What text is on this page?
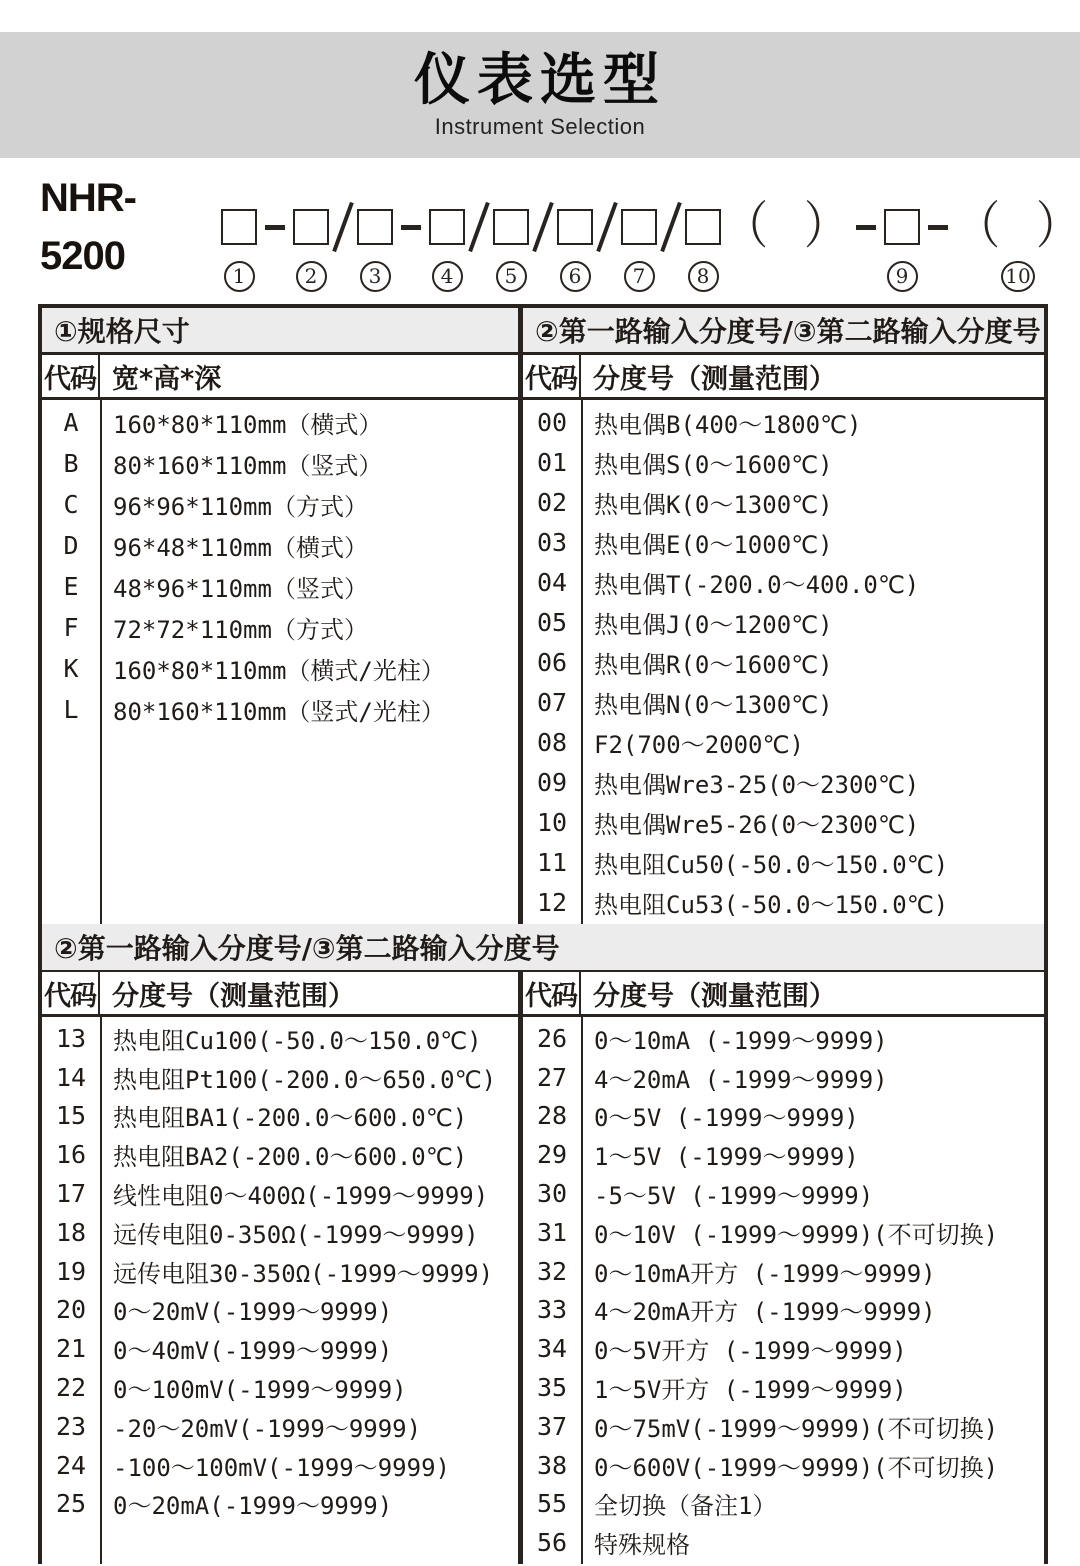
仪表选型
Instrument Selection
NHR-5200	1	2	3	4	5	6	7	8
（ ）
9
（ ）
10
①规格尺寸
代码 宽*高*深
A	160*80*110mm（横式）
B	80*160*110mm（竖式）
C	96*96*110mm（方式）
D	96*48*110mm（横式）
E	48*96*110mm（竖式）
F	72*72*110mm（方式）
K	160*80*110mm（横式/光柱）
L	80*160*110mm（竖式/光柱）
②第一路输入分度号/③第二路输入分度号
代码 分度号（测量范围）
00	热电偶B(400～1800℃)
01	热电偶S(0～1600℃)
02	热电偶K(0～1300℃)
03	热电偶E(0～1000℃)
04	热电偶T(-200.0～400.0℃)
05	热电偶J(0～1200℃)
06	热电偶R(0～1600℃)
07	热电偶N(0～1300℃)
08	F2(700～2000℃)
09	热电偶Wre3-25(0～2300℃)
10	热电偶Wre5-26(0～2300℃)
11	热电阻Cu50(-50.0～150.0℃)
12	热电阻Cu53(-50.0～150.0℃)
②第一路输入分度号/③第二路输入分度号
代码 分度号（测量范围）
13	热电阻Cu100(-50.0～150.0℃)
14	热电阻Pt100(-200.0～650.0℃)
15	热电阻BA1(-200.0～600.0℃)
16	热电阻BA2(-200.0～600.0℃)
17	线性电阻0～400Ω(-1999～9999)
18	远传电阻0-350Ω(-1999～9999)
19	远传电阻30-350Ω(-1999～9999)
20	0～20mV(-1999～9999)
21	0～40mV(-1999～9999)
22	0～100mV(-1999～9999)
23	-20～20mV(-1999～9999)
24	-100～100mV(-1999～9999)
25	0～20mA(-1999～9999)
代码 分度号（测量范围）
26	0～10mA (-1999～9999)
27	4～20mA (-1999～9999)
28	0～5V (-1999～9999)
29	1～5V (-1999～9999)
30	-5～5V (-1999～9999)
31	0～10V (-1999～9999)(不可切换)
32	0～10mA开方 (-1999～9999)
33	4～20mA开方 (-1999～9999)
34	0～5V开方 (-1999～9999)
35	1～5V开方 (-1999～9999)
37	0～75mV(-1999～9999)(不可切换)
38	0～600V(-1999～9999)(不可切换)
55	全切换（备注1）
56	特殊规格
